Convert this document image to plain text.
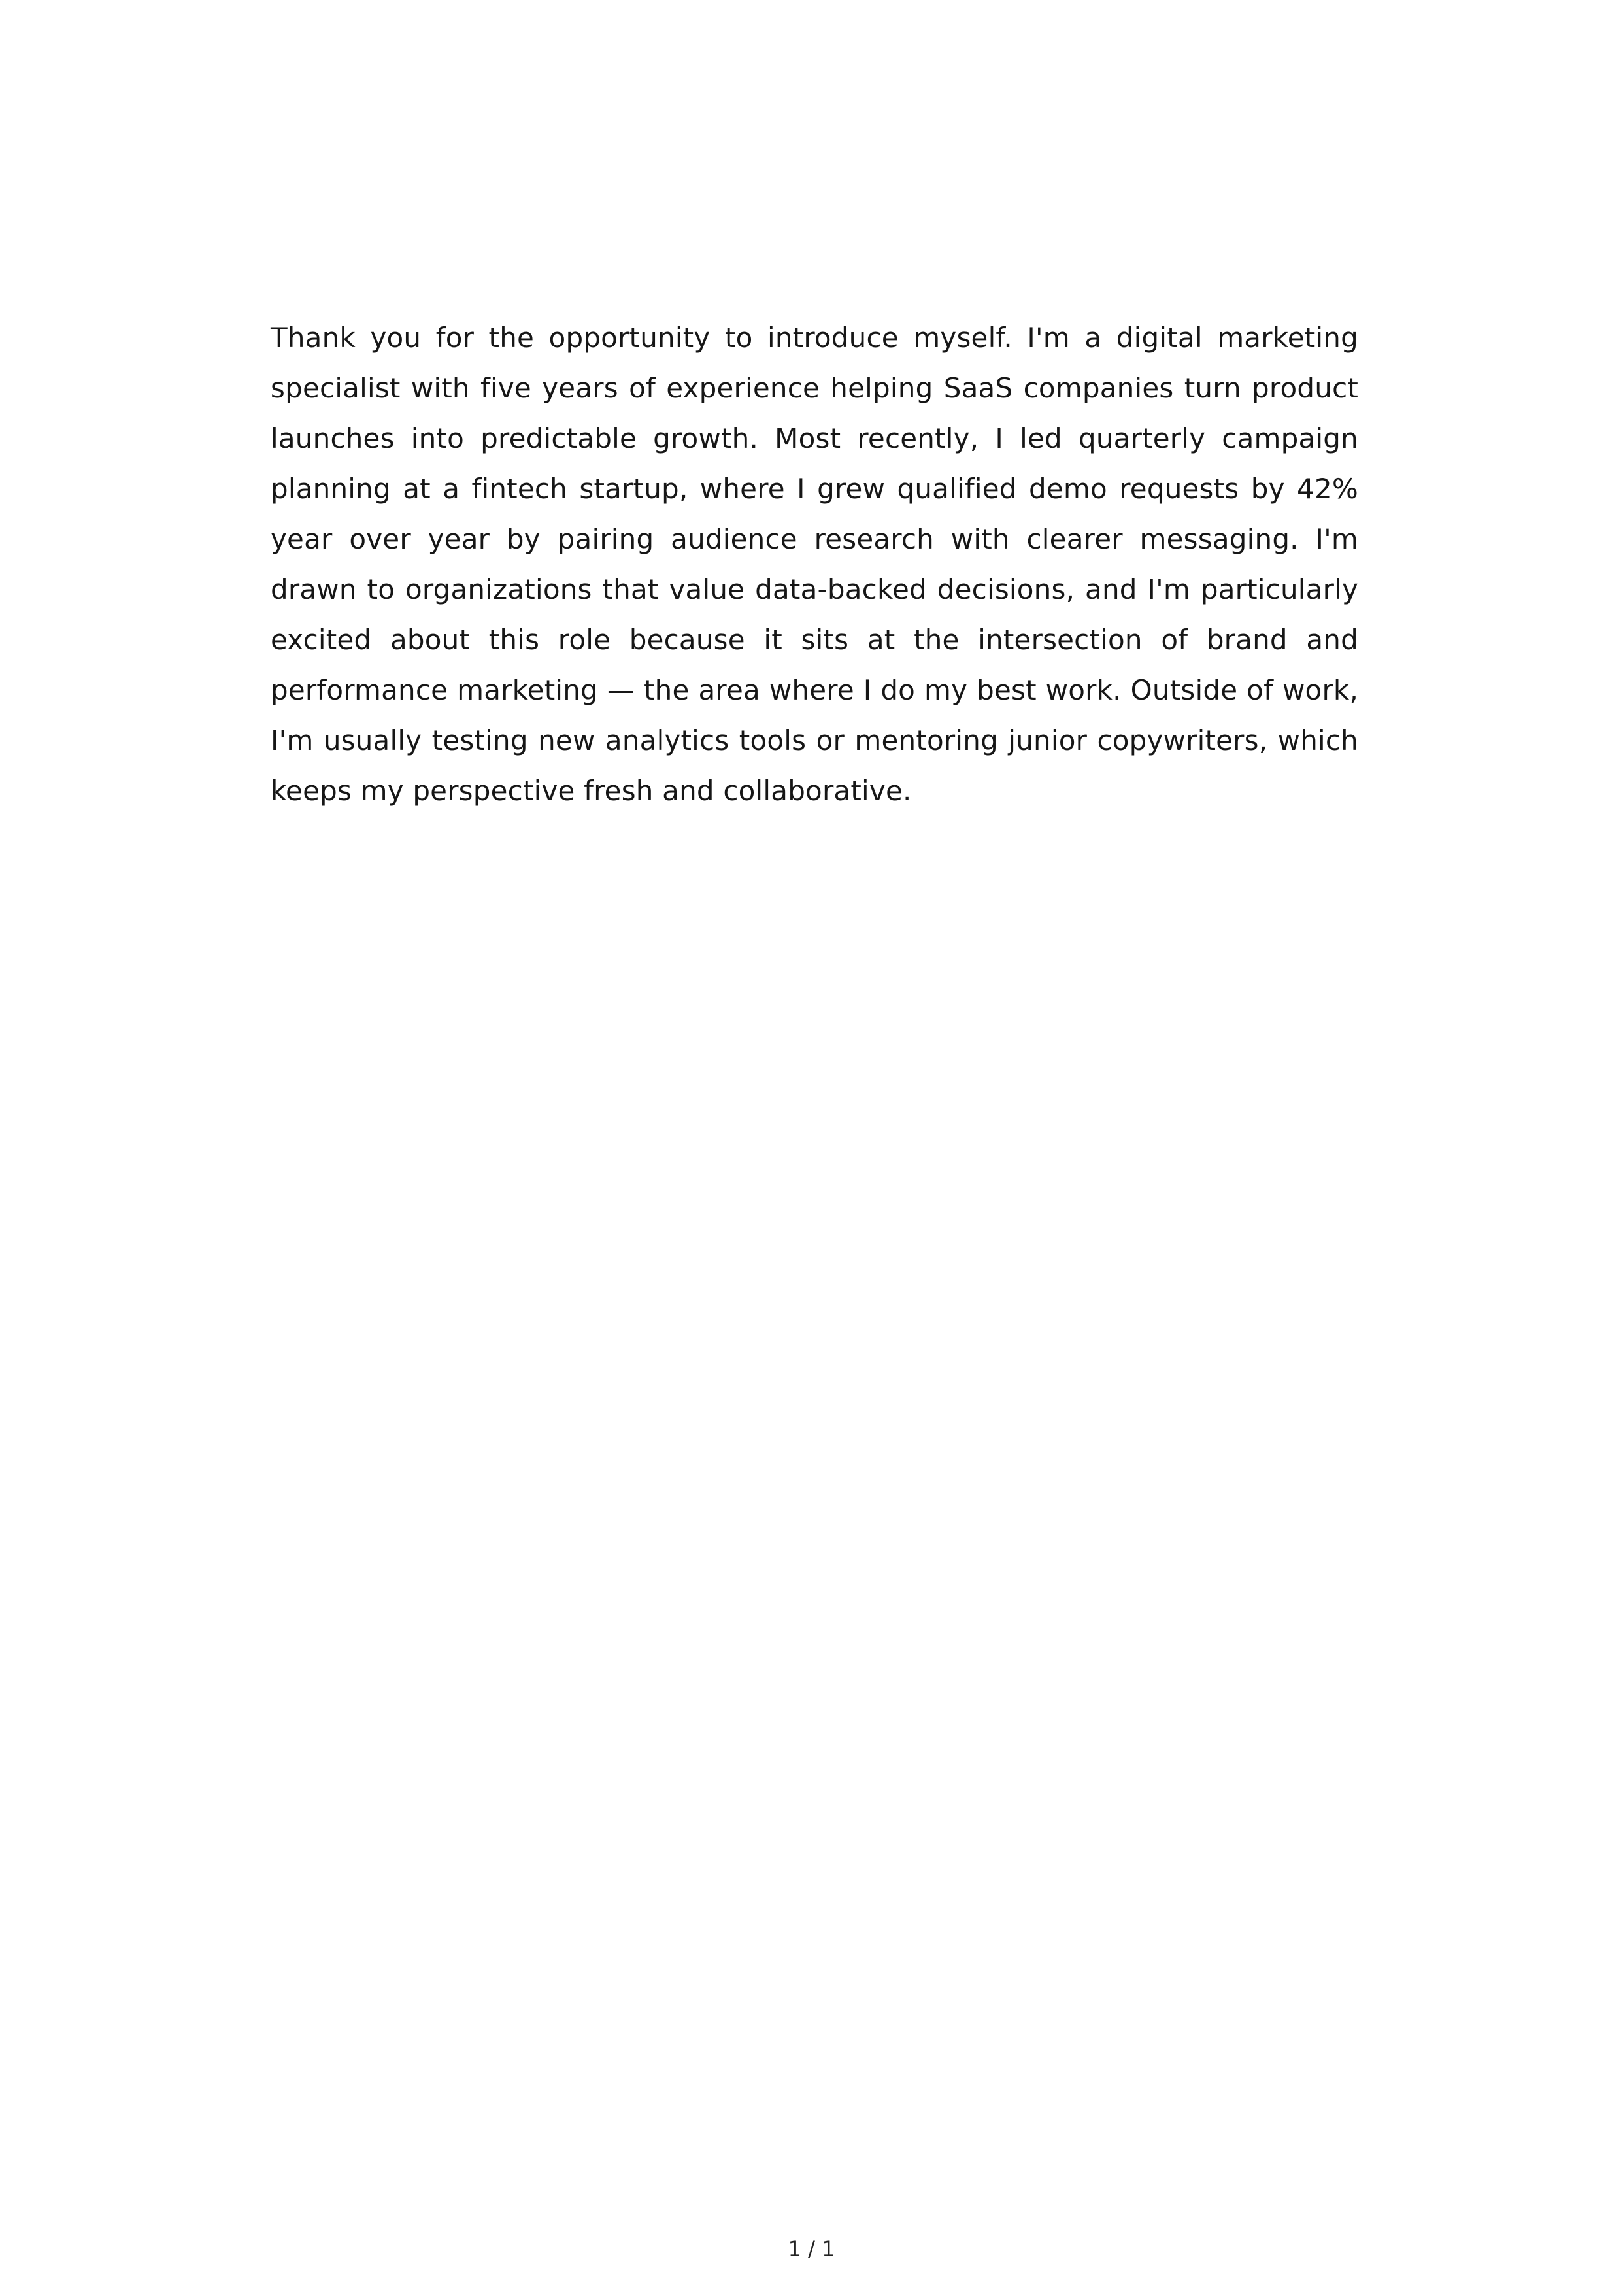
Thank you for the opportunity to introduce myself. I'm a digital marketing specialist with five years of experience helping SaaS companies turn product launches into predictable growth. Most recently, I led quarterly campaign planning at a fintech startup, where I grew qualified demo requests by 42% year over year by pairing audience research with clearer messaging. I'm drawn to organizations that value data-backed decisions, and I'm particularly excited about this role because it sits at the intersection of brand and performance marketing — the area where I do my best work. Outside of work, I'm usually testing new analytics tools or mentoring junior copywriters, which keeps my perspective fresh and collaborative.

1 / 1
